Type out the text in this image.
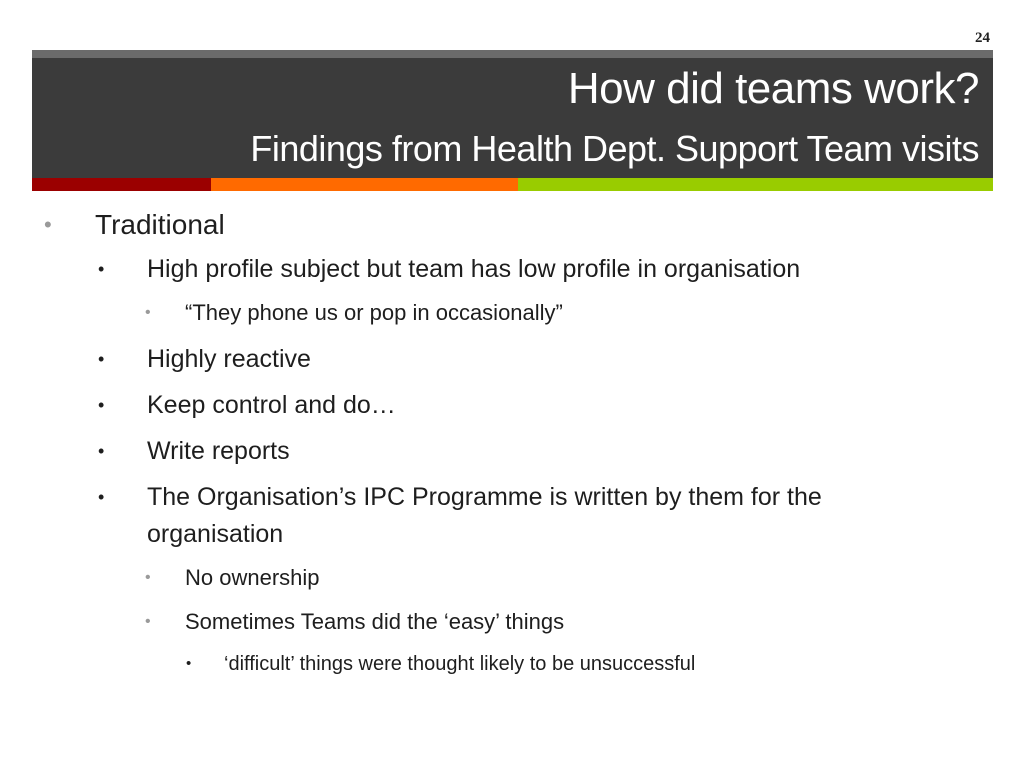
24
How did teams work?
Findings from Health Dept. Support Team visits
• Traditional
• High profile subject but team has low profile in organisation
• “They phone us or pop in occasionally”
• Highly reactive
• Keep control and do…
• Write reports
• The Organisation’s IPC Programme is written by them for the organisation
• No ownership
• Sometimes Teams did the ‘easy’ things
• ‘difficult’ things were thought likely to be unsuccessful
